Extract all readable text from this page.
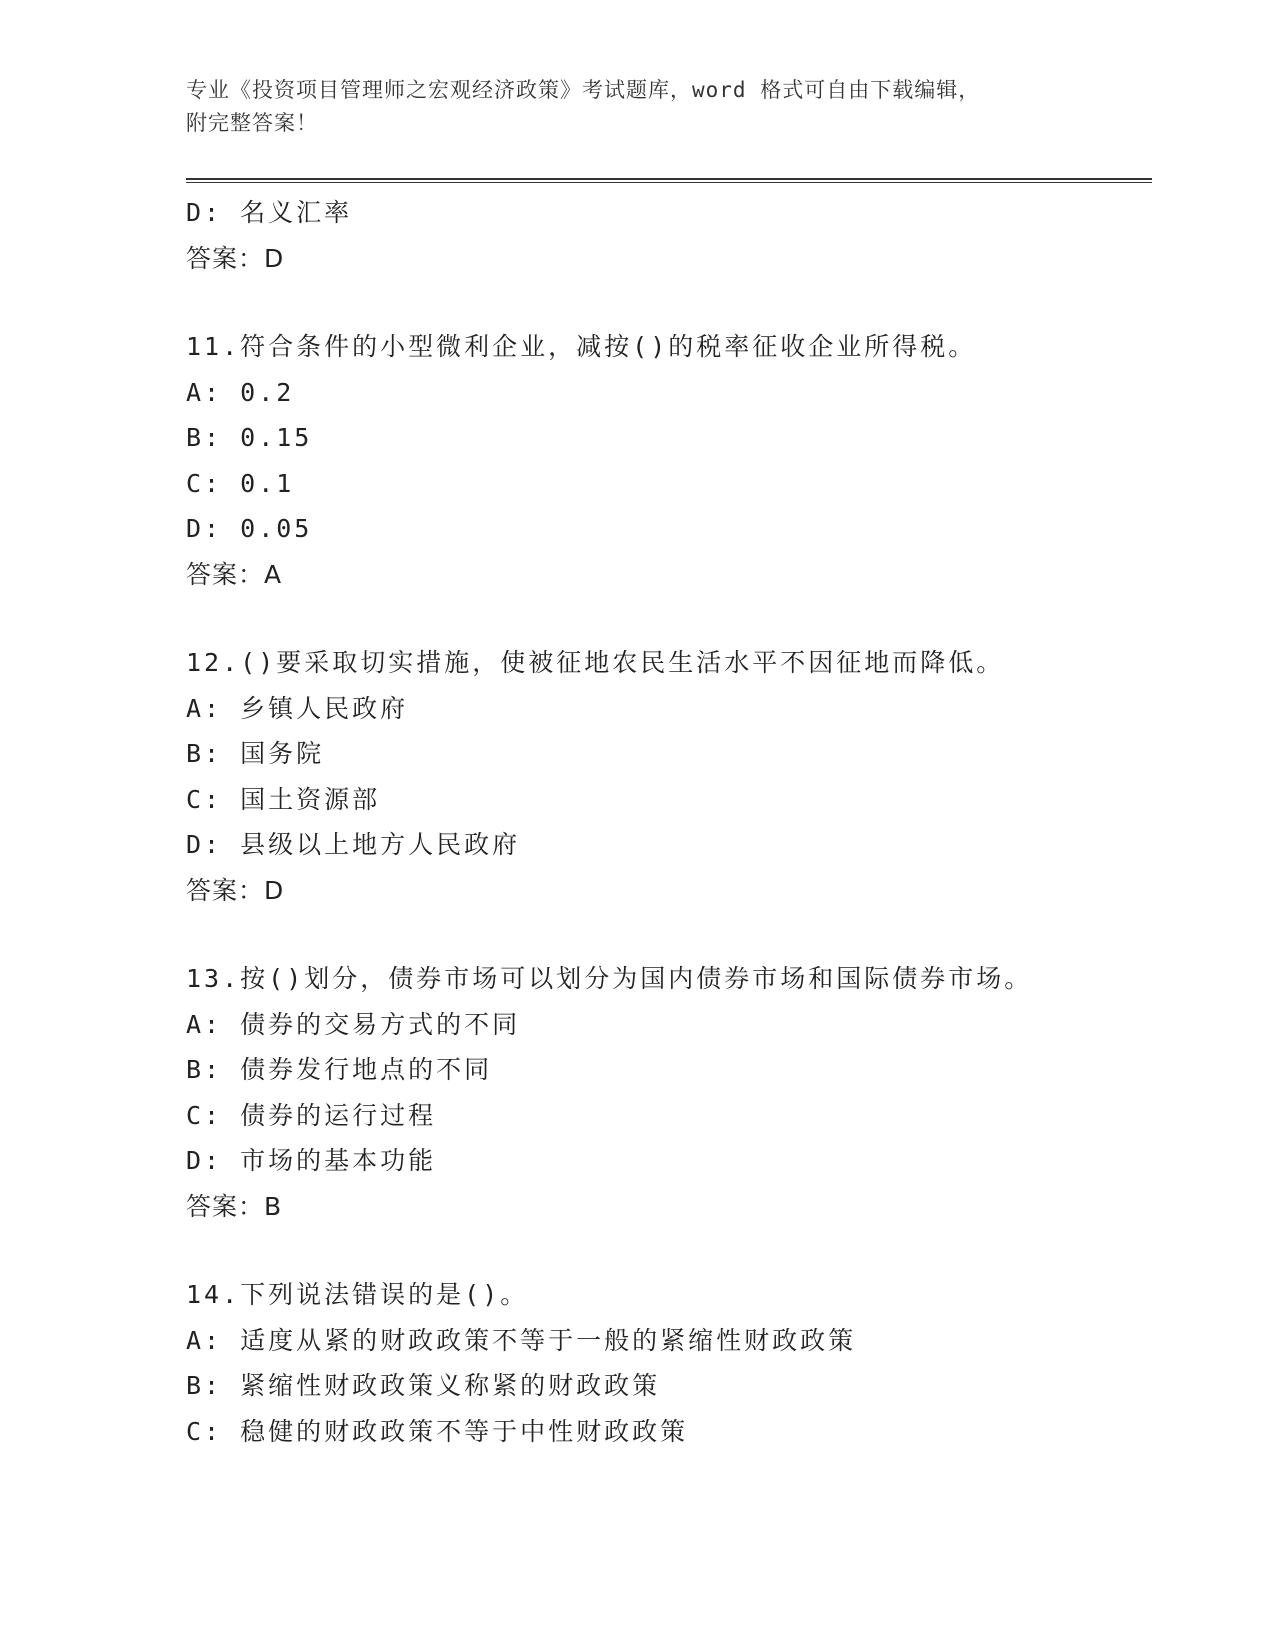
专业《投资项目管理师之宏观经济政策》考试题库，word 格式可自由下载编辑，
附完整答案！
D: 名义汇率
答案：D
11.符合条件的小型微利企业，减按()的税率征收企业所得税。
A: 0.2
B: 0.15
C: 0.1
D: 0.05
答案：A
12.()要采取切实措施，使被征地农民生活水平不因征地而降低。
A: 乡镇人民政府
B: 国务院
C: 国土资源部
D: 县级以上地方人民政府
答案：D
13.按()划分，债券市场可以划分为国内债券市场和国际债券市场。
A: 债券的交易方式的不同
B: 债券发行地点的不同
C: 债券的运行过程
D: 市场的基本功能
答案：B
14.下列说法错误的是()。
A: 适度从紧的财政政策不等于一般的紧缩性财政政策
B: 紧缩性财政政策义称紧的财政政策
C: 稳健的财政政策不等于中性财政政策
